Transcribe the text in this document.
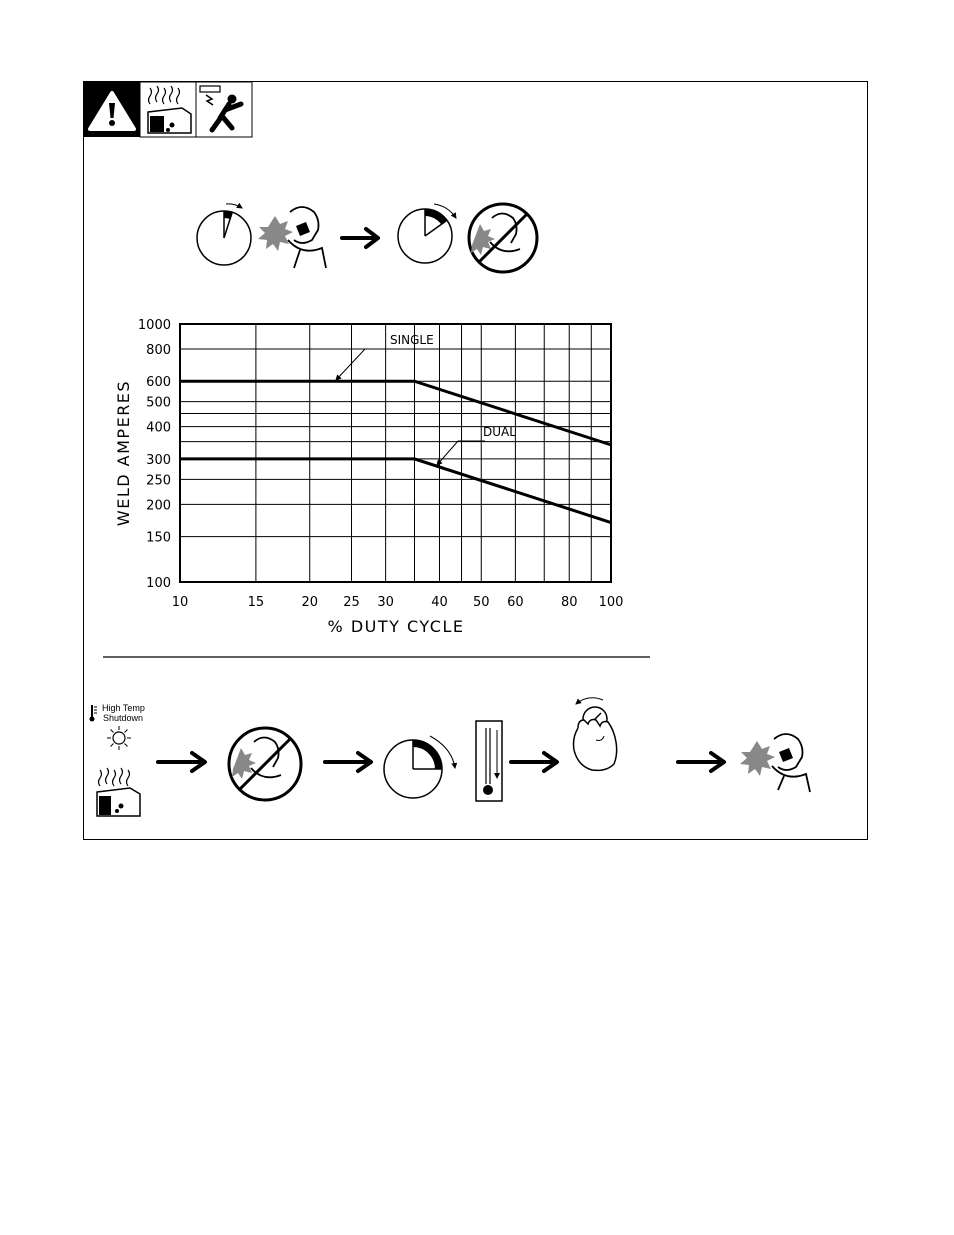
10	15	20 25 30	40 50 60	80 100
100
150
200
250
300
400
500
600
800
1000
SINGLE
DUAL
% DUTY CYCLE
WELD AMPERES
High Temp
Shutdown
